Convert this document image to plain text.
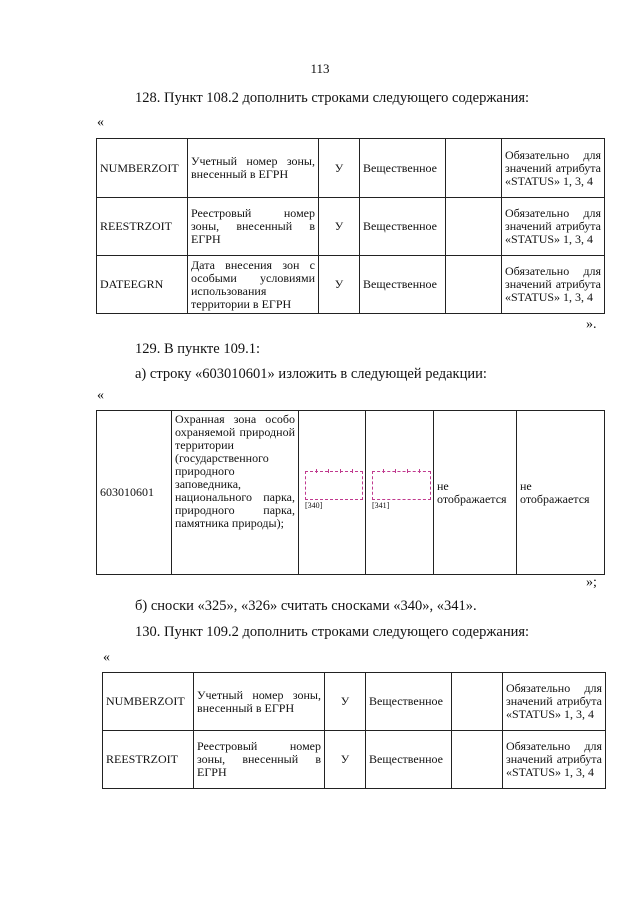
113
128. Пункт 108.2 дополнить строками следующего содержания:
«
NUMBERZOIT	Учетный номер зоны, внесенный в ЕГРН	У	Вещественное		Обязательно для значений атрибута «STATUS» 1, 3, 4
REESTRZOIT	Реестровый номер зоны, внесенный в ЕГРН	У	Вещественное		Обязательно для значений атрибута «STATUS» 1, 3, 4
DATEEGRN	Дата внесения зон с особыми условиями использования территории в ЕГРН	У	Вещественное		Обязательно для значений атрибута «STATUS» 1, 3, 4
».
129. В пункте 109.1:
а) строку «603010601» изложить в следующей редакции:
«
603010601	Охранная зона особо охраняемой природной территории (государственного природного заповедника, национального парка, природного парка, памятника природы);			не отображается	не отображается
[340]	[341]
»;
б) сноски «325», «326» считать сносками «340», «341».
130. Пункт 109.2 дополнить строками следующего содержания:
«
NUMBERZOIT	Учетный номер зоны, внесенный в ЕГРН	У	Вещественное		Обязательно для значений атрибута «STATUS» 1, 3, 4
REESTRZOIT	Реестровый номер зоны, внесенный в ЕГРН	У	Вещественное		Обязательно для значений атрибута «STATUS» 1, 3, 4
